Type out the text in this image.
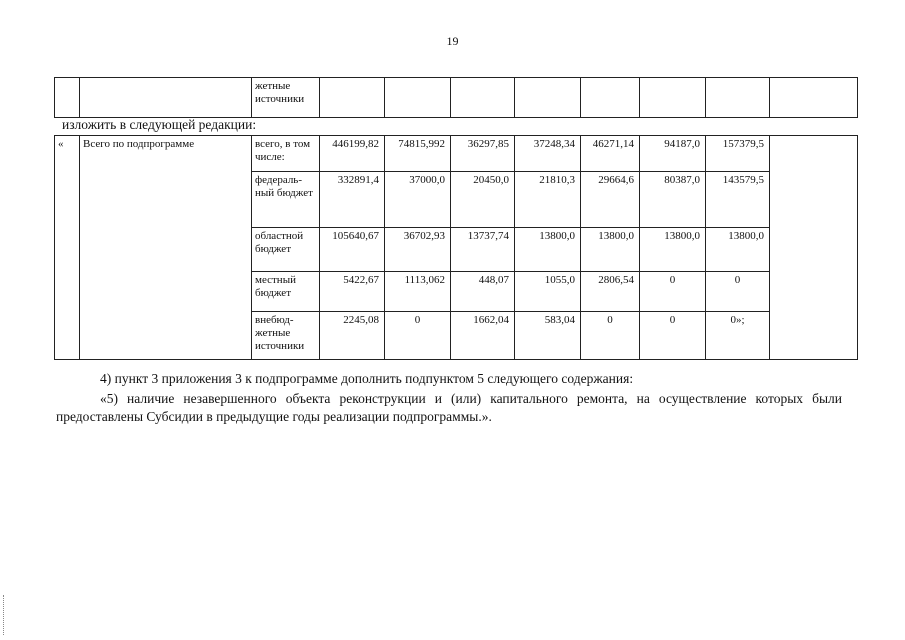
19
		жетные
источники								
изложить в следующей редакции:
«	Всего по подпрограмме	всего, в том числе:	446199,82	74815,992	36297,85	37248,34	46271,14	94187,0	157379,5	
		федераль-ный бюджет	332891,4	37000,0	20450,0	21810,3	29664,6	80387,0	143579,5	
		областной бюджет	105640,67	36702,93	13737,74	13800,0	13800,0	13800,0	13800,0	
		местный бюджет	5422,67	1113,062	448,07	1055,0	2806,54	0	0	
		внебюд-жетные источники	2245,08	0	1662,04	583,04	0	0	0»;	
4) пункт 3 приложения 3 к подпрограмме дополнить подпунктом 5 следующего содержания:
«5) наличие незавершенного объекта реконструкции и (или) капитального ремонта, на осуществление которых были предоставлены Субсидии в предыдущие годы реализации подпрограммы.».
